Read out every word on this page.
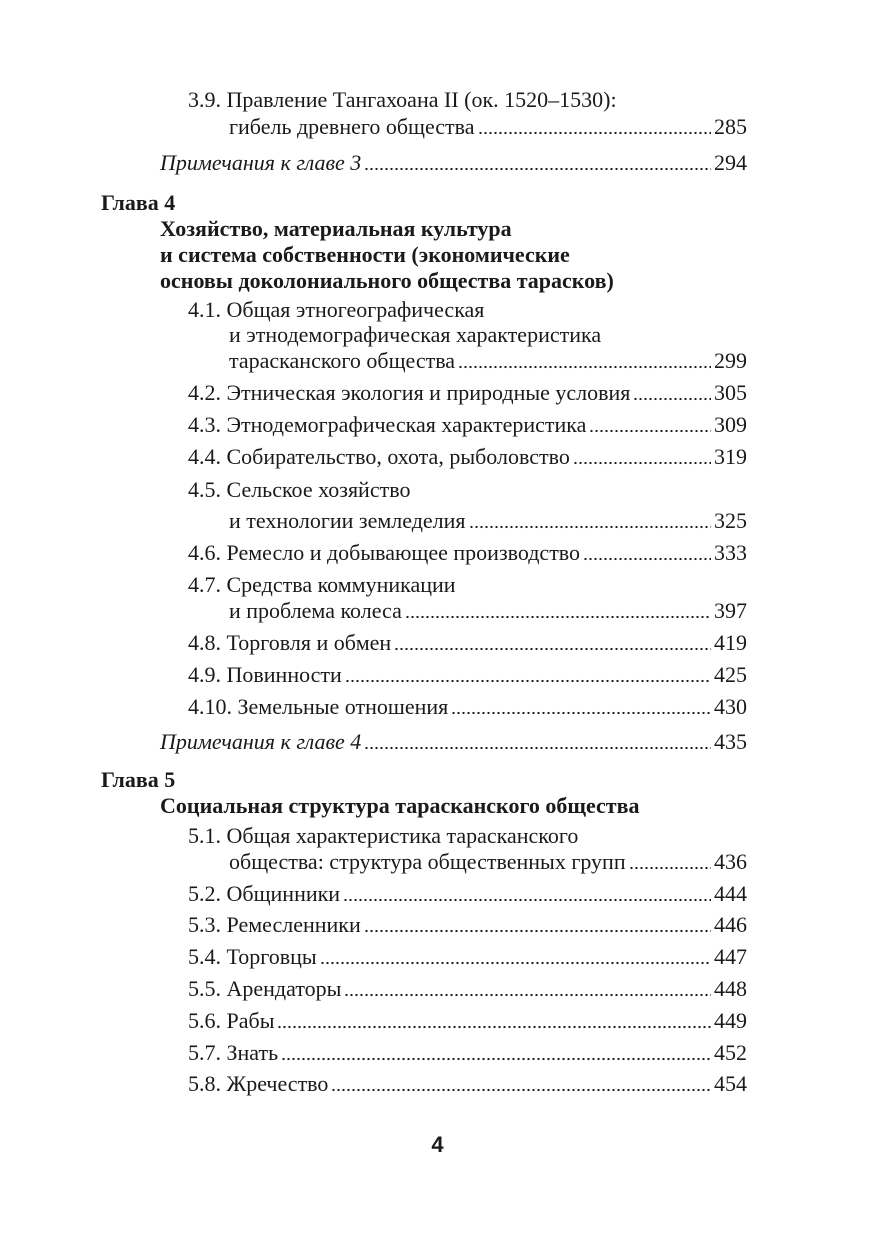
3.9. Правление Тангахоана II (ок. 1520–1530):
гибель древнего общества	285
Примечания к главе 3	294
Глава 4
Хозяйство, материальная культура
и система собственности (экономические
основы доколониального общества тарасков)
4.1. Общая этногеографическая
и этнодемографическая характеристика
тарасканского общества	299
4.2. Этническая экология и природные условия	305
4.3. Этнодемографическая характеристика	309
4.4. Собирательство, охота, рыболовство	319
4.5. Сельское хозяйство
и технологии земледелия	325
4.6. Ремесло и добывающее производство	333
4.7. Средства коммуникации
и проблема колеса	397
4.8. Торговля и обмен	419
4.9. Повинности	425
4.10. Земельные отношения	430
Примечания к главе 4	435
Глава 5
Социальная структура тарасканского общества
5.1. Общая характеристика тарасканского
общества: структура общественных групп	436
5.2. Общинники	444
5.3. Ремесленники	446
5.4. Торговцы	447
5.5. Арендаторы	448
5.6. Рабы	449
5.7. Знать	452
5.8. Жречество	454
4
